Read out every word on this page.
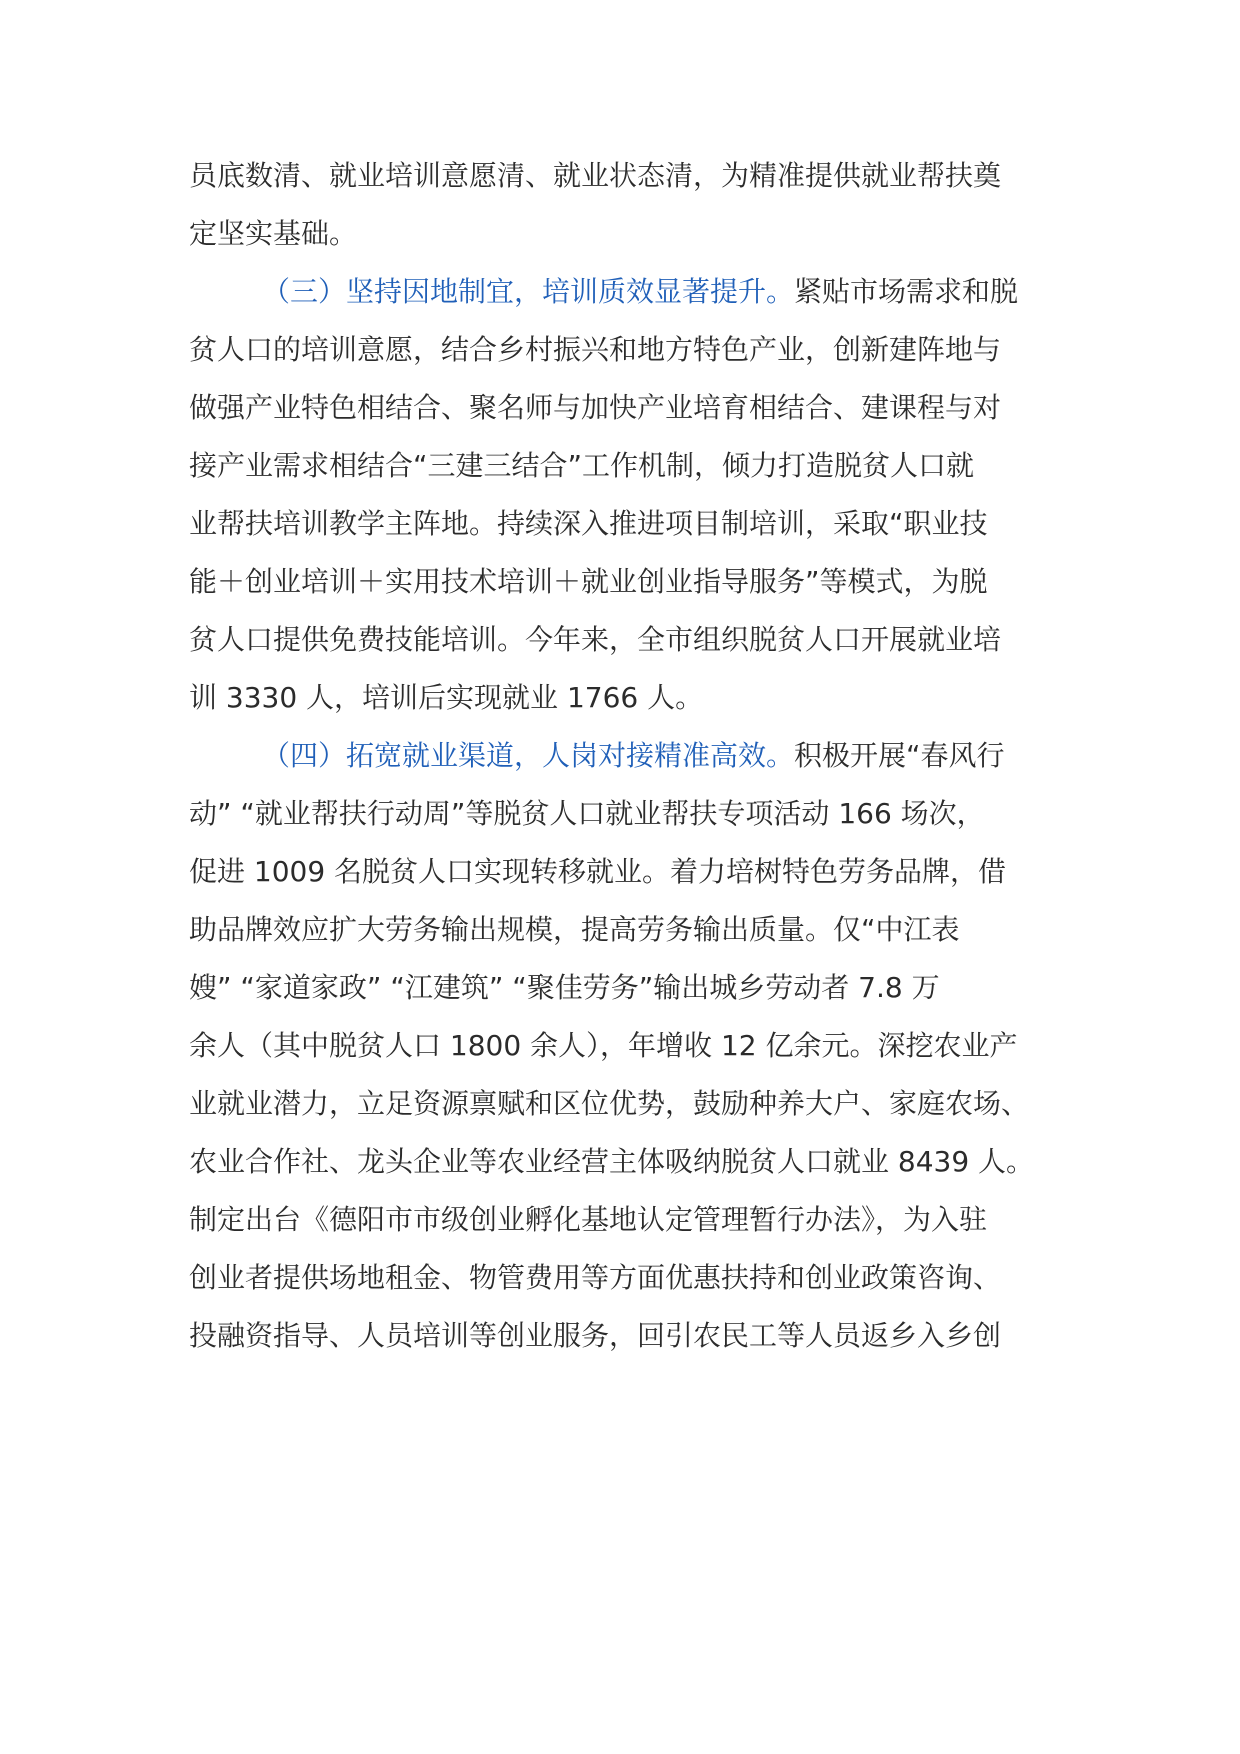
员底数清、就业培训意愿清、就业状态清，为精准提供就业帮扶奠
定坚实基础。
（三）坚持因地制宜，培训质效显著提升。紧贴市场需求和脱
贫人口的培训意愿，结合乡村振兴和地方特色产业，创新建阵地与
做强产业特色相结合、聚名师与加快产业培育相结合、建课程与对
接产业需求相结合“三建三结合”工作机制，倾力打造脱贫人口就
业帮扶培训教学主阵地。持续深入推进项目制培训，采取“职业技
能＋创业培训＋实用技术培训＋就业创业指导服务”等模式，为脱
贫人口提供免费技能培训。今年来，全市组织脱贫人口开展就业培
训 3330 人，培训后实现就业 1766 人。
（四）拓宽就业渠道，人岗对接精准高效。积极开展“春风行
动” “就业帮扶行动周”等脱贫人口就业帮扶专项活动 166 场次，
促进 1009 名脱贫人口实现转移就业。着力培树特色劳务品牌，借
助品牌效应扩大劳务输出规模，提高劳务输出质量。仅“中江表
嫂” “家道家政” “江建筑” “聚佳劳务”输出城乡劳动者 7.8 万
余人（其中脱贫人口 1800 余人），年增收 12 亿余元。深挖农业产
业就业潜力，立足资源禀赋和区位优势，鼓励种养大户、家庭农场、
农业合作社、龙头企业等农业经营主体吸纳脱贫人口就业 8439 人。
制定出台《德阳市市级创业孵化基地认定管理暂行办法》，为入驻
创业者提供场地租金、物管费用等方面优惠扶持和创业政策咨询、
投融资指导、人员培训等创业服务，回引农民工等人员返乡入乡创
